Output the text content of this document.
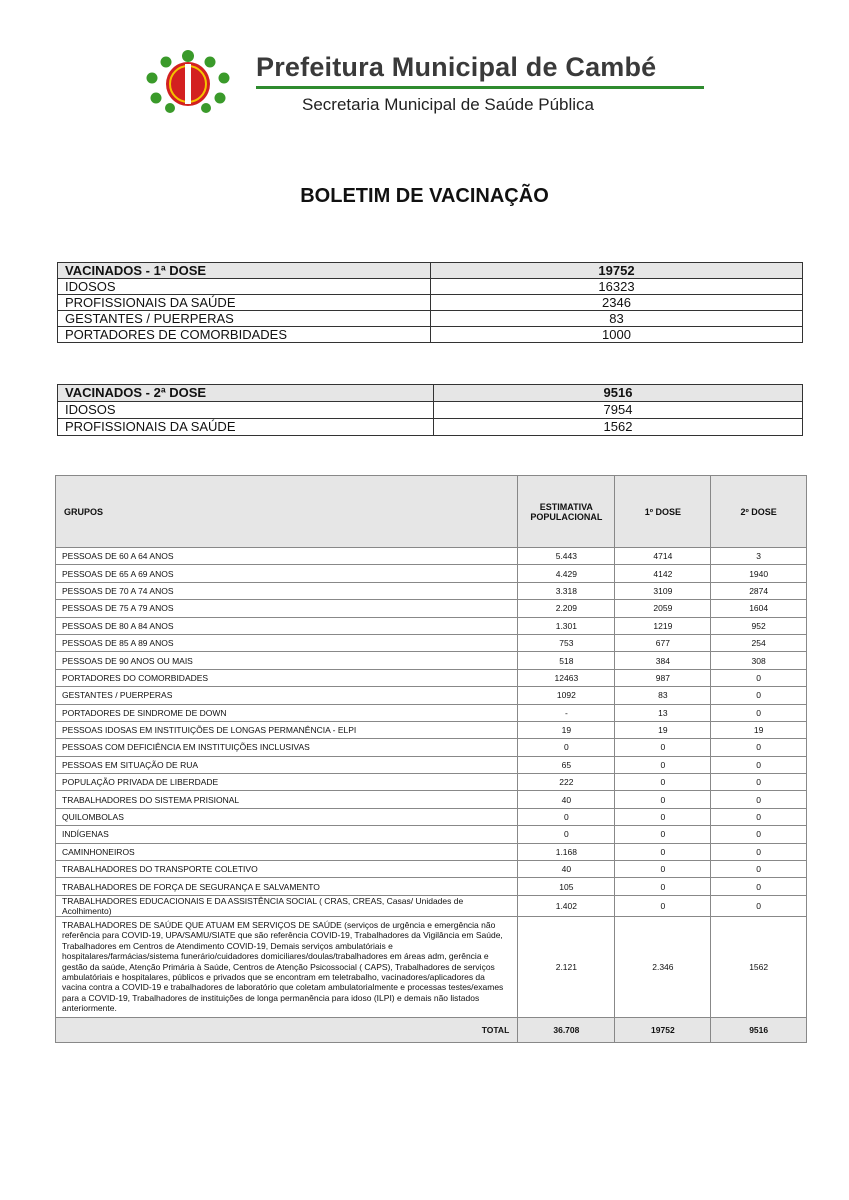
Prefeitura Municipal de Cambé
Secretaria Municipal de Saúde Pública
BOLETIM DE VACINAÇÃO
VACINADOS - 1ª DOSE	19752
IDOSOS	16323
PROFISSIONAIS DA SAÚDE	2346
GESTANTES / PUERPERAS	83
PORTADORES DE COMORBIDADES	1000
VACINADOS - 2ª DOSE	9516
IDOSOS	7954
PROFISSIONAIS DA SAÚDE	1562
GRUPOS	ESTIMATIVA POPULACIONAL	1º DOSE	2º DOSE
PESSOAS DE 60 A 64 ANOS	5.443	4714	3
PESSOAS DE 65 A 69 ANOS	4.429	4142	1940
PESSOAS DE 70 A 74 ANOS	3.318	3109	2874
PESSOAS DE 75 A 79 ANOS	2.209	2059	1604
PESSOAS DE 80 A 84 ANOS	1.301	1219	952
PESSOAS DE 85 A 89 ANOS	753	677	254
PESSOAS DE 90 ANOS OU MAIS	518	384	308
PORTADORES DO COMORBIDADES	12463	987	0
GESTANTES / PUERPERAS	1092	83	0
PORTADORES DE SINDROME DE DOWN	-	13	0
PESSOAS IDOSAS EM INSTITUIÇÕES DE LONGAS PERMANÊNCIA - ELPI	19	19	19
PESSOAS COM DEFICIÊNCIA EM INSTITUIÇÕES INCLUSIVAS	0	0	0
PESSOAS EM SITUAÇÃO DE RUA	65	0	0
POPULAÇÃO PRIVADA DE LIBERDADE	222	0	0
TRABALHADORES DO SISTEMA PRISIONAL	40	0	0
QUILOMBOLAS	0	0	0
INDÍGENAS	0	0	0
CAMINHONEIROS	1.168	0	0
TRABALHADORES DO TRANSPORTE COLETIVO	40	0	0
TRABALHADORES DE FORÇA DE SEGURANÇA E SALVAMENTO	105	0	0
TRABALHADORES EDUCACIONAIS E DA ASSISTÊNCIA SOCIAL ( CRAS, CREAS, Casas/ Unidades de Acolhimento)	1.402	0	0
TRABALHADORES DE SAÚDE QUE ATUAM EM SERVIÇOS DE SAÚDE (serviços de urgência e emergência não referência para COVID-19, UPA/SAMU/SIATE que são referência COVID-19, Trabalhadores da Vigilância em Saúde, Trabalhadores em Centros de Atendimento COVID-19, Demais serviços ambulatóriais e hospitalares/farmácias/sistema funerário/cuidadores domiciliares/doulas/trabalhadores em áreas adm, gerência e gestão da saúde, Atenção Primária à Saúde, Centros de Atenção Psicossocial ( CAPS), Trabalhadores de serviços ambulatóriais e hospitalares, públicos e privados que se encontram em teletrabalho, vacinadores/aplicadores da vacina contra a COVID-19 e trabalhadores de laboratório que coletam ambulatorialmente e processas testes/exames para a COVID-19, Trabalhadores de instituições de longa permanência para idoso (ILPI) e demais não listados anteriormente.	2.121	2.346	1562
TOTAL	36.708	19752	9516
